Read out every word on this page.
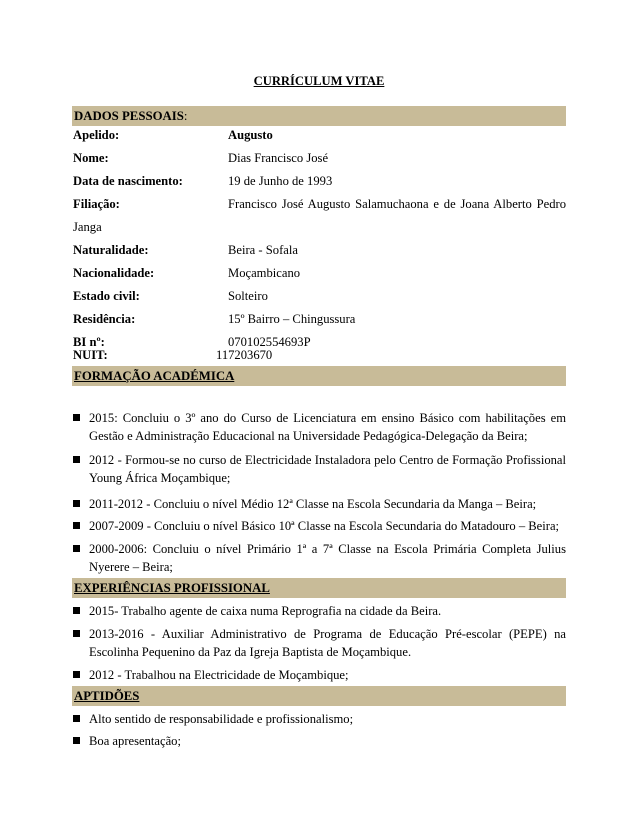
CURRÍCULUM VITAE
DADOS PESSOAIS:
Apelido:	Augusto
Nome:	Dias Francisco José
Data de nascimento:	19 de Junho de 1993
Filiação:	Francisco José Augusto Salamuchaona e de Joana Alberto Pedro
Janga
Naturalidade:	Beira - Sofala
Nacionalidade:	Moçambicano
Estado civil:	Solteiro
Residência:	15º Bairro – Chingussura
BI nº:	070102554693P
NUIT:	117203670
FORMAÇÃO ACADÉMICA
2015: Concluiu o 3º ano do Curso de Licenciatura em ensino Básico com habilitações em
Gestão e Administração Educacional na Universidade Pedagógica-Delegação da Beira;
2012 - Formou-se no curso de Electricidade Instaladora pelo Centro de Formação Profissional
Young África Moçambique;
2011-2012 - Concluiu o nível Médio 12ª Classe na Escola Secundaria da Manga – Beira;
2007-2009 - Concluiu o nível Básico 10ª Classe na Escola Secundaria do Matadouro – Beira;
2000-2006: Concluiu o nível Primário 1ª a 7ª Classe na Escola Primária Completa Julius
Nyerere – Beira;
EXPERIÊNCIAS PROFISSIONAL
2015- Trabalho agente de caixa numa Reprografia na cidade da Beira.
2013-2016 - Auxiliar Administrativo de Programa de Educação Pré-escolar (PEPE) na
Escolinha Pequenino da Paz da Igreja Baptista de Moçambique.
2012 - Trabalhou na Electricidade de Moçambique;
APTIDÕES
Alto sentido de responsabilidade e profissionalismo;
Boa apresentação;
